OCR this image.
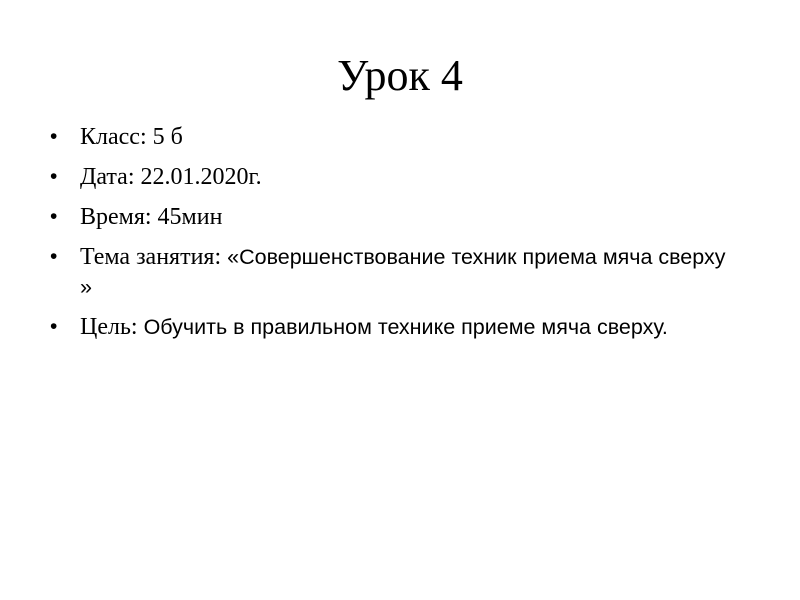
Урок 4
• Класс: 5 б
• Дата: 22.01.2020г.
• Время: 45мин
• Тема занятия: «Совершенствование техник приема мяча сверху »
• Цель: Обучить в правильном технике приеме мяча сверху.
